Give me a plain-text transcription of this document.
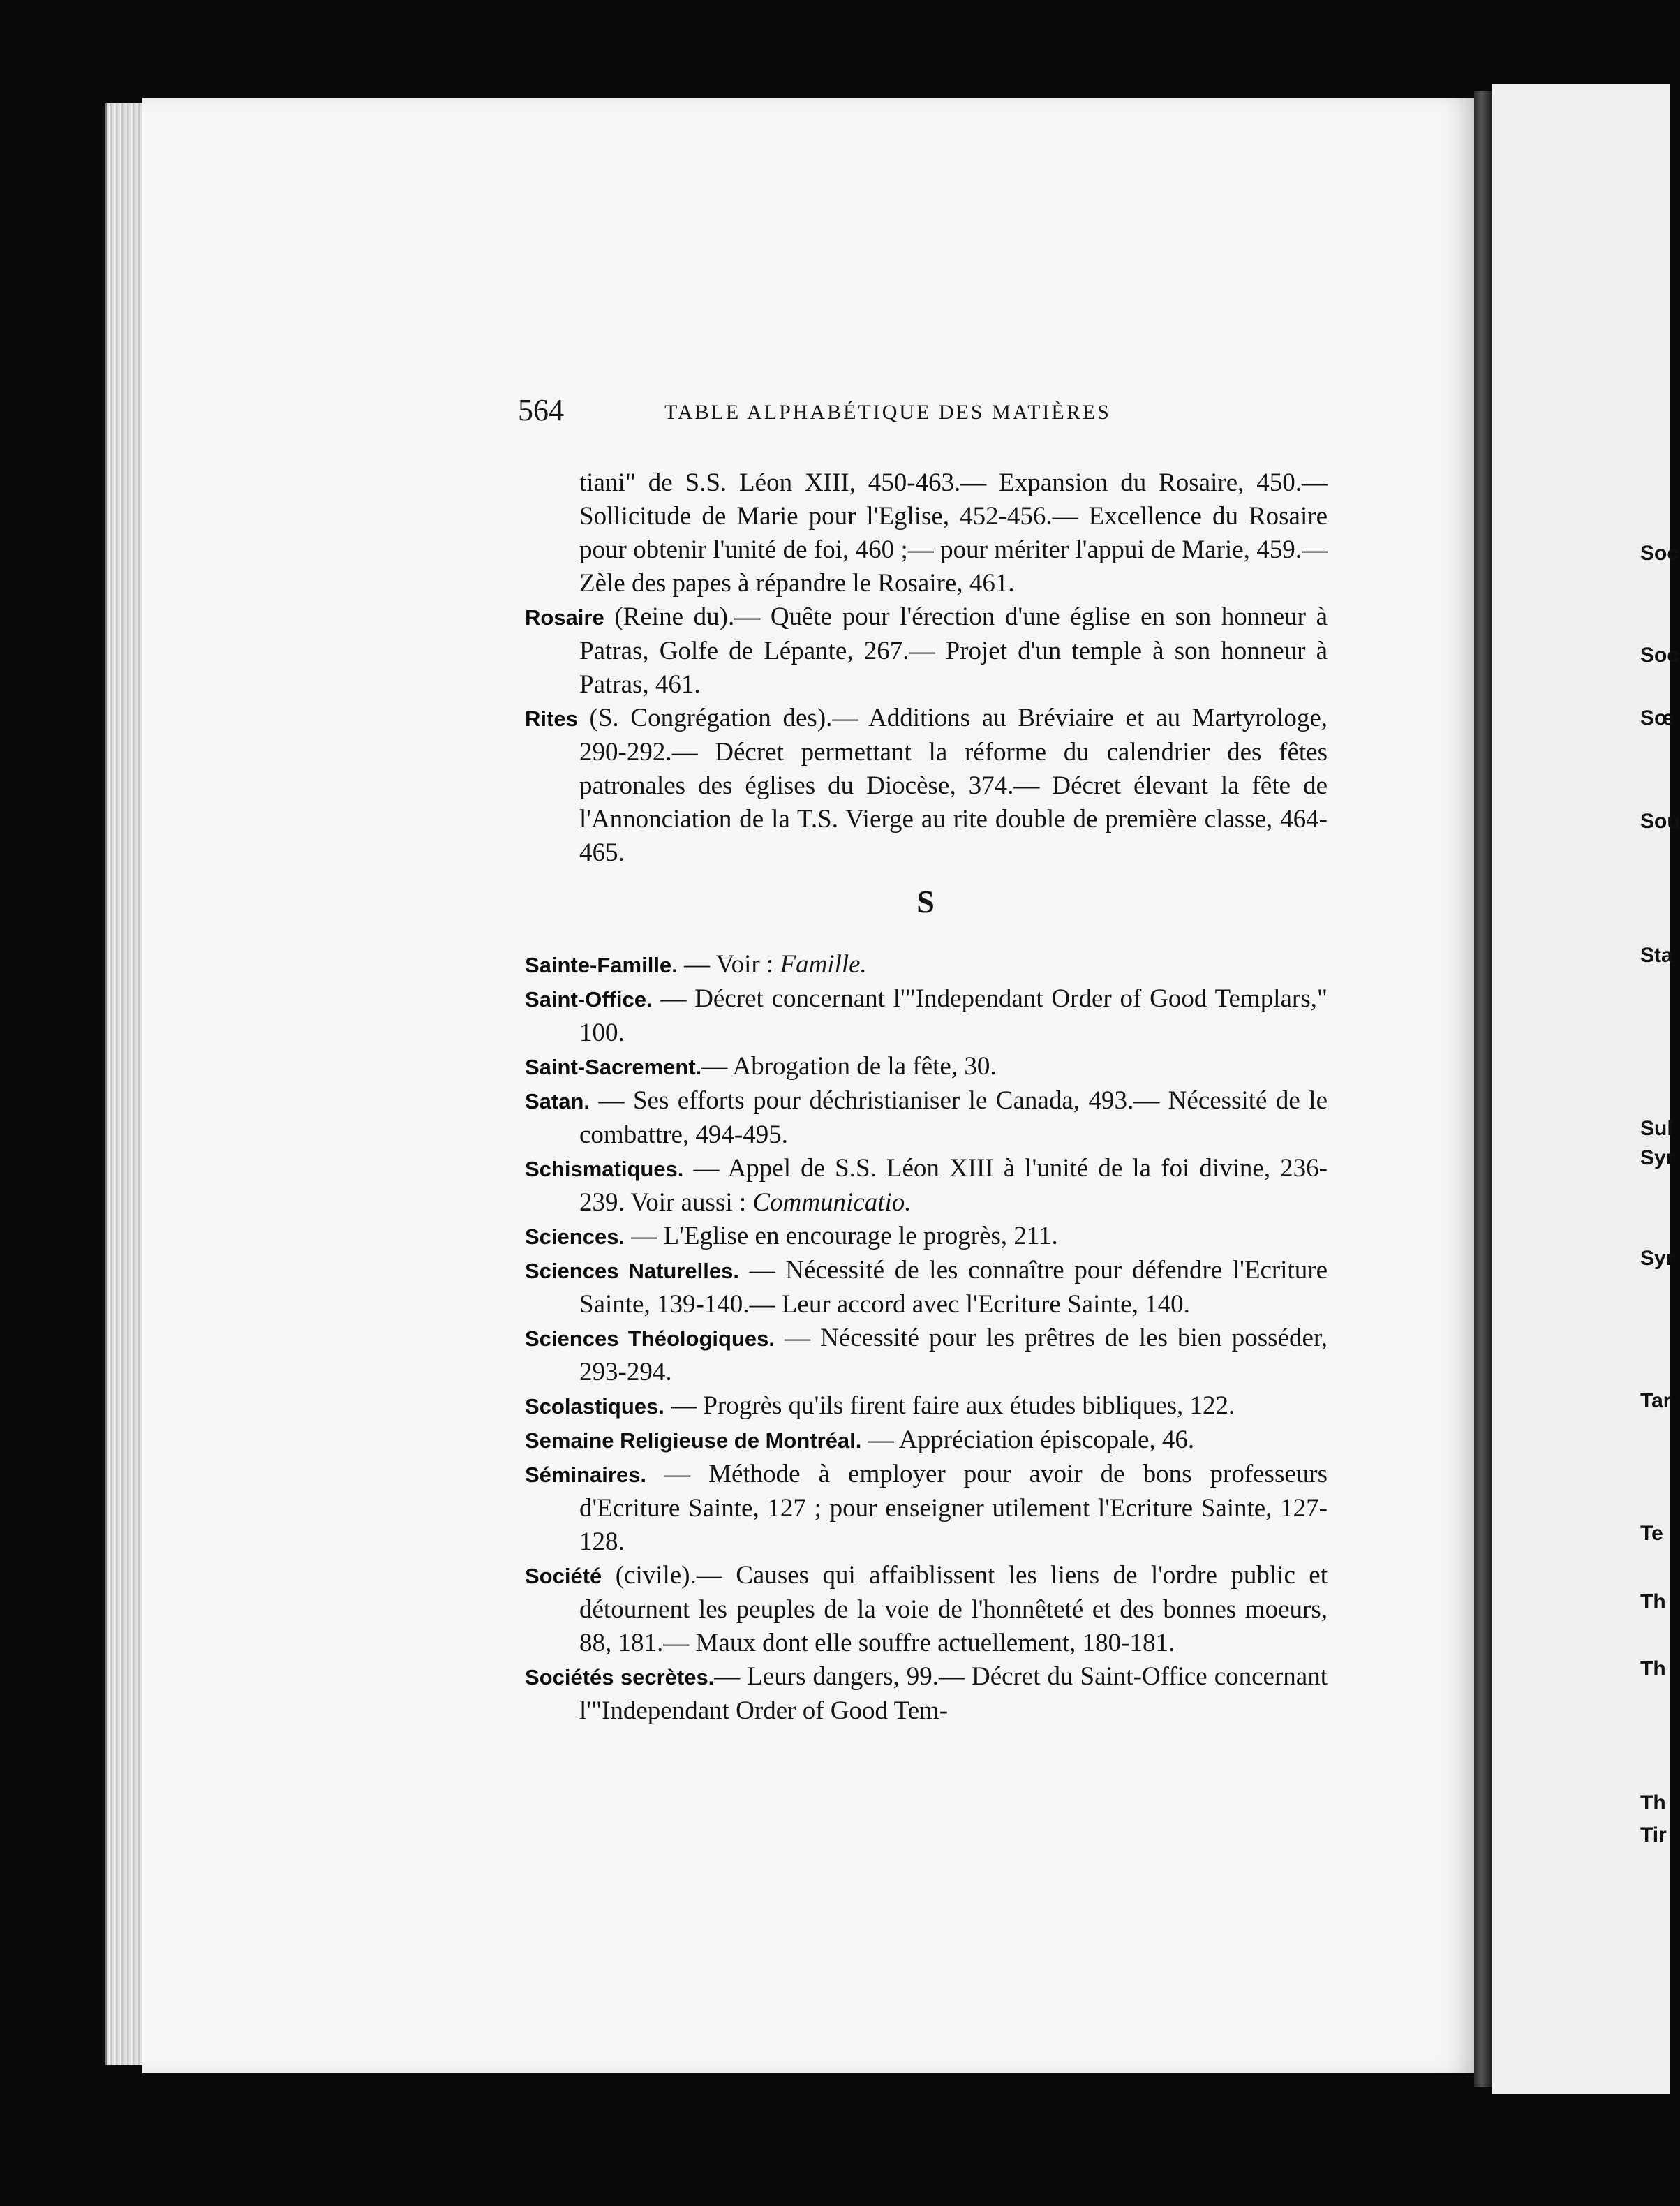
Soc
Soc
Sœ
Sou
Sta
Sul
Syr
Syr
Tar
Te
Th
Th
Th
Tir
564	TABLE ALPHABÉTIQUE DES MATIÈRES

tiani" de S.S. Léon XIII, 450-463.— Expansion du Rosaire, 450.— Sollicitude de Marie pour l'Eglise, 452-456.— Excellence du Rosaire pour obtenir l'unité de foi, 460 ;— pour mériter l'appui de Marie, 459.— Zèle des papes à répandre le Rosaire, 461.

Rosaire (Reine du).— Quête pour l'érection d'une église en son honneur à Patras, Golfe de Lépante, 267.— Projet d'un temple à son honneur à Patras, 461.

Rites (S. Congrégation des).— Additions au Bréviaire et au Martyrologe, 290-292.— Décret permettant la réforme du calendrier des fêtes patronales des églises du Diocèse, 374.— Décret élevant la fête de l'Annonciation de la T.S. Vierge au rite double de première classe, 464-465.

S

Sainte-Famille. — Voir : Famille.

Saint-Office. — Décret concernant l'"Independant Order of Good Templars," 100.

Saint-Sacrement.— Abrogation de la fête, 30.

Satan. — Ses efforts pour déchristianiser le Canada, 493.— Nécessité de le combattre, 494-495.

Schismatiques. — Appel de S.S. Léon XIII à l'unité de la foi divine, 236-239. Voir aussi : Communicatio.

Sciences. — L'Eglise en encourage le progrès, 211.

Sciences Naturelles. — Nécessité de les connaître pour défendre l'Ecriture Sainte, 139-140.— Leur accord avec l'Ecriture Sainte, 140.

Sciences Théologiques. — Nécessité pour les prêtres de les bien posséder, 293-294.

Scolastiques. — Progrès qu'ils firent faire aux études bibliques, 122.

Semaine Religieuse de Montréal. — Appréciation épiscopale, 46.

Séminaires. — Méthode à employer pour avoir de bons professeurs d'Ecriture Sainte, 127 ; pour enseigner utilement l'Ecriture Sainte, 127-128.

Société (civile).— Causes qui affaiblissent les liens de l'ordre public et détournent les peuples de la voie de l'honnêteté et des bonnes moeurs, 88, 181.— Maux dont elle souffre actuellement, 180-181.

Sociétés secrètes.— Leurs dangers, 99.— Décret du Saint-Office concernant l'"Independant Order of Good Tem-
